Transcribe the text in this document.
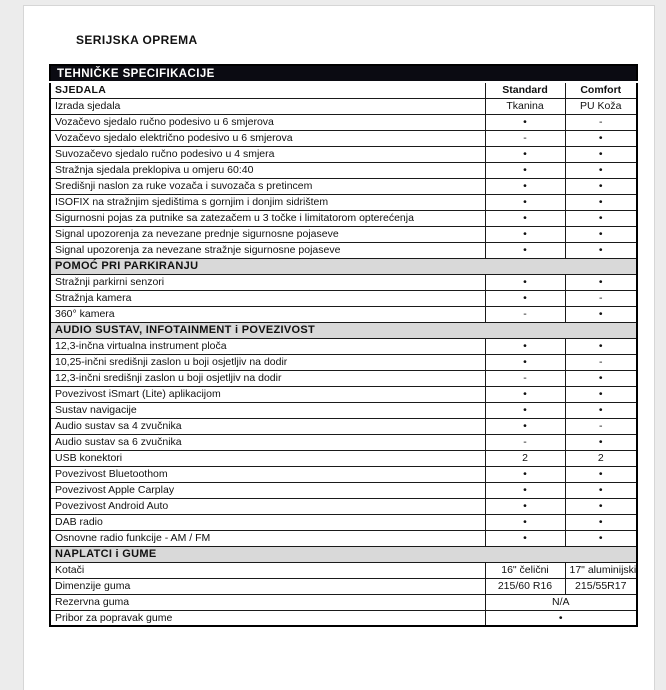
SERIJSKA OPREMA
TEHNIČKE SPECIFIKACIJE		
SJEDALA	Standard	Comfort
Izrada sjedala	Tkanina	PU Koža
Vozačevo sjedalo ručno podesivo u 6 smjerova	•	-
Vozačevo sjedalo električno podesivo u 6 smjerova	-	•
Suvozačevo sjedalo ručno podesivo u 4 smjera	•	•
Stražnja sjedala preklopiva u omjeru 60:40	•	•
Središnji naslon za ruke vozača i suvozača s pretincem	•	•
ISOFIX na stražnjim sjedištima s gornjim i donjim sidrištem	•	•
Sigurnosni pojas za putnike sa zatezačem u 3 točke i limitatorom opterećenja	•	•
Signal upozorenja za nevezane prednje sigurnosne pojaseve	•	•
Signal upozorenja za nevezane stražnje sigurnosne pojaseve	•	•
POMOĆ PRI PARKIRANJU		
Stražnji parkirni senzori	•	•
Stražnja kamera	•	-
360° kamera	-	•
AUDIO SUSTAV, INFOTAINMENT i POVEZIVOST		
12,3-inčna virtualna instrument ploča	•	•
10,25-inčni središnji zaslon u boji osjetljiv na dodir	•	-
12,3-inčni središnji zaslon u boji osjetljiv na dodir	-	•
Povezivost iSmart (Lite) aplikacijom	•	•
Sustav navigacije	•	•
Audio sustav sa 4 zvučnika	•	-
Audio sustav sa 6 zvučnika	-	•
USB konektori	2	2
Povezivost Bluetoothom	•	•
Povezivost Apple Carplay	•	•
Povezivost Android Auto	•	•
DAB radio	•	•
Osnovne radio funkcije - AM / FM	•	•
NAPLATCI i GUME		
Kotači	16" čelični	17" aluminijski
Dimenzije guma	215/60 R16	215/55R17
Rezervna guma	N/A	
Pribor za popravak gume	•	
